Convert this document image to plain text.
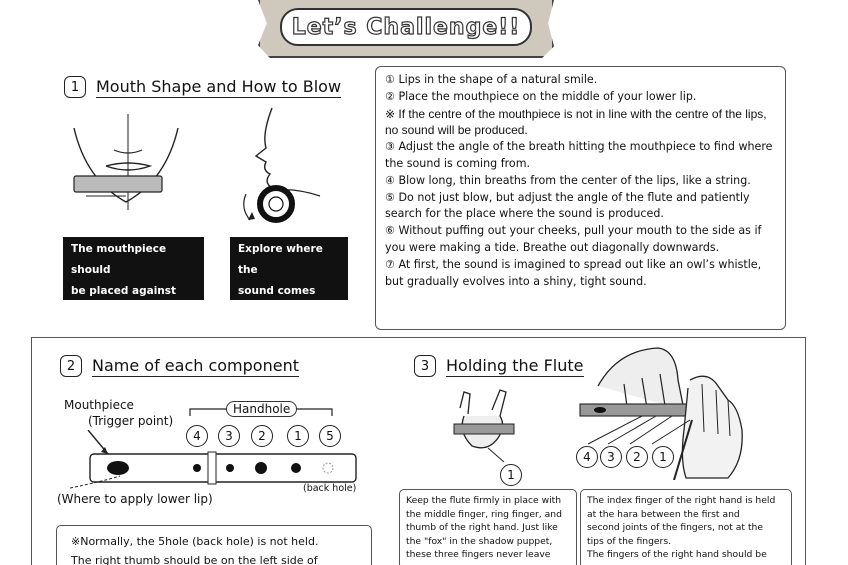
Let’s Challenge!!
1	Mouth Shape and How to Blow
The mouthpiece should
be placed against the
middle of the lower lip.
Explore where the
sound comes from.
※Be patient!!

① Lips in the shape of a natural smile.

② Place the mouthpiece on the middle of your lower lip.

※ If the centre of the mouthpiece is not in line with the centre of the lips, no sound will be produced.

③ Adjust the angle of the breath hitting the mouthpiece to find where the sound is coming from.

④ Blow long, thin breaths from the center of the lips, like a string.

⑤ Do not just blow, but adjust the angle of the flute and patiently search for the place where the sound is produced.

⑥ Without puffing out your cheeks, pull your mouth to the side as if you were making a tide. Breathe out diagonally downwards.

⑦ At first, the sound is imagined to spread out like an owl’s whistle, but gradually evolves into a shiny, tight sound.

2	Name of each component
Mouthpiece
(Trigger point)
Handhole
4	3	2	1	5
(back hole)
(Where to apply lower lip)
※Normally, the 5hole (back hole) is not held.
The right thumb should be on the left side of
3	Holding the Flute
1
4	3	2	1
Keep the flute firmly in place with
the middle finger, ring finger, and
thumb of the right hand. Just like
the "fox" in the shadow puppet,
these three fingers never leave
The index finger of the right hand is held
at the hara between the first and
second joints of the fingers, not at the
tips of the fingers.
The fingers of the right hand should be
